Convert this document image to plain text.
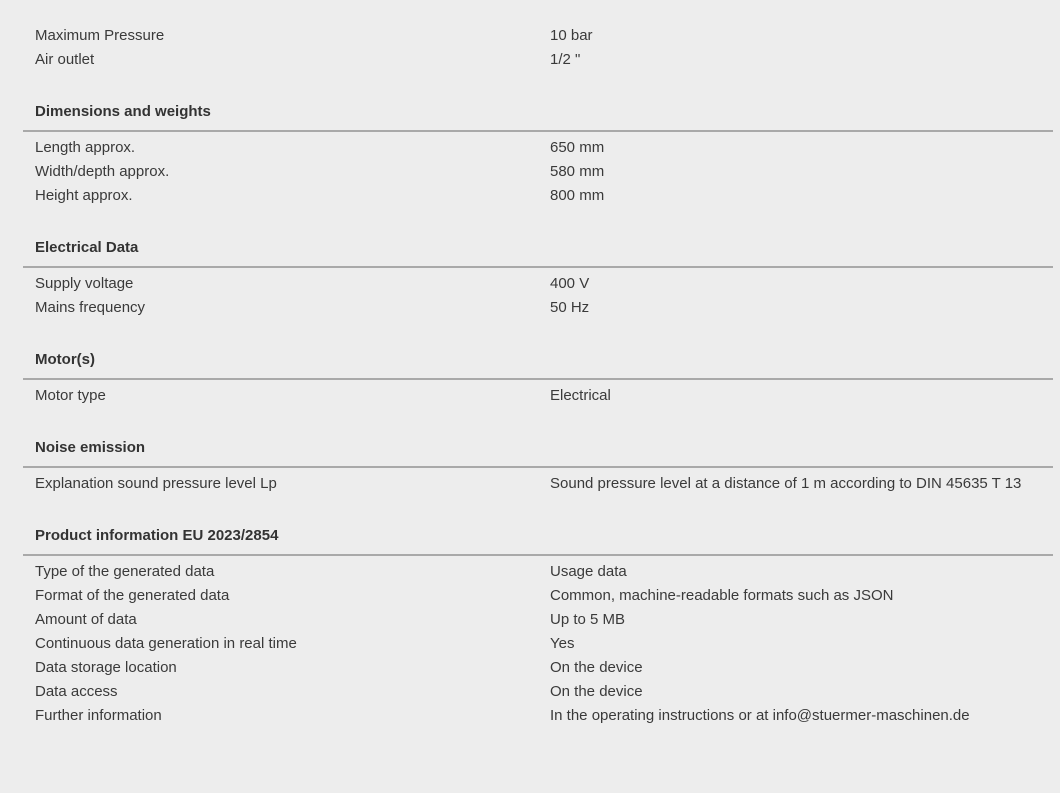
Maximum Pressure	10 bar
Air outlet	1/2 "
Dimensions and weights
Length approx.	650 mm
Width/depth approx.	580 mm
Height approx.	800 mm
Electrical Data
Supply voltage	400 V
Mains frequency	50 Hz
Motor(s)
Motor type	Electrical
Noise emission
Explanation sound pressure level Lp	Sound pressure level at a distance of 1 m according to DIN 45635 T 13
Product information EU 2023/2854
Type of the generated data	Usage data
Format of the generated data	Common, machine-readable formats such as JSON
Amount of data	Up to 5 MB
Continuous data generation in real time	Yes
Data storage location	On the device
Data access	On the device
Further information	In the operating instructions or at info@stuermer-maschinen.de
